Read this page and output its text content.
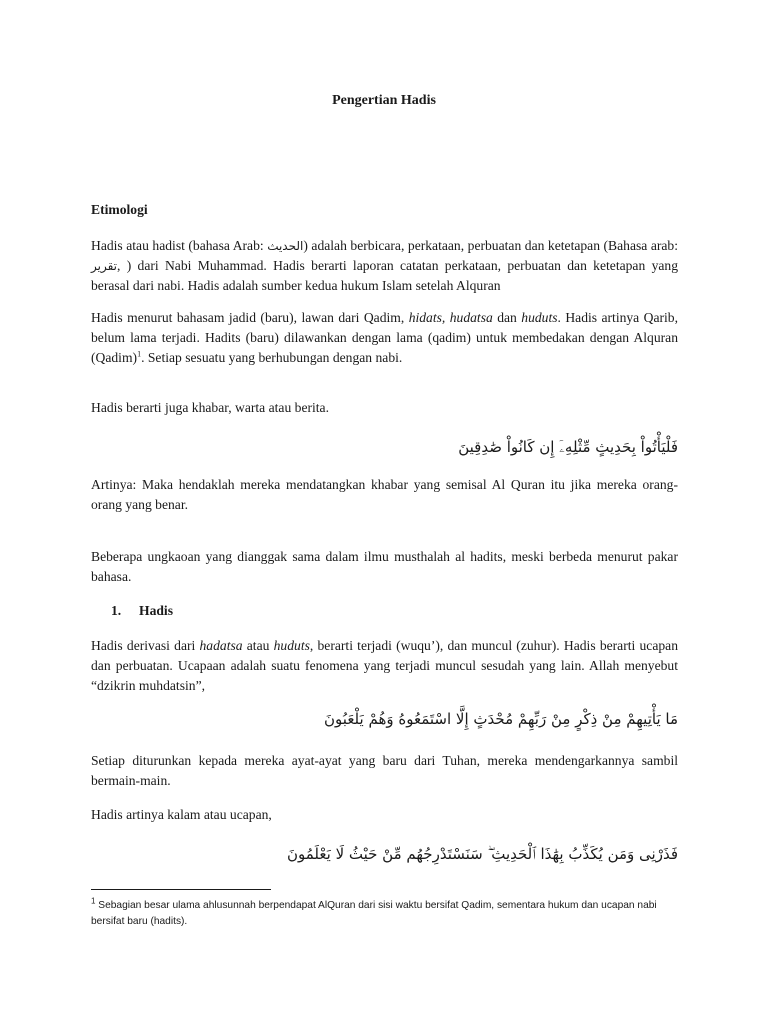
Pengertian Hadis

Etimologi

Hadis atau hadist (bahasa Arab: الحديث) adalah berbicara, perkataan, perbuatan dan ketetapan (Bahasa arab: تقرير, ) dari Nabi Muhammad. Hadis berarti laporan catatan perkataan, perbuatan dan ketetapan yang berasal dari nabi. Hadis adalah sumber kedua hukum Islam setelah Alquran

Hadis menurut bahasam jadid (baru), lawan dari Qadim, hidats, hudatsa dan huduts. Hadis artinya Qarib, belum lama terjadi. Hadits (baru) dilawankan dengan lama (qadim) untuk membedakan dengan Alquran (Qadim)$^1$. Setiap sesuatu yang berhubungan dengan nabi.

Hadis berarti juga khabar, warta atau berita.

فَلْيَأْتُواْ بِحَدِيثٍ مِّثْلِهِۦٓ إِن كَانُواْ صَٰدِقِينَ

Artinya: Maka hendaklah mereka mendatangkan khabar yang semisal Al Quran itu jika mereka orang-orang yang benar.

Beberapa ungkaoan yang dianggak sama dalam ilmu musthalah al hadits, meski berbeda menurut pakar bahasa.

1. Hadis

Hadis derivasi dari hadatsa atau huduts, berarti terjadi (wuqu’), dan muncul (zuhur). Hadis berarti ucapan dan perbuatan. Ucapaan adalah suatu fenomena yang terjadi muncul sesudah yang lain. Allah menyebut “dzikrin muhdatsin”,

مَا يَأْتِيهِمْ مِنْ ذِكْرٍ مِنْ رَبِّهِمْ مُحْدَثٍ إِلَّا اسْتَمَعُوهُ وَهُمْ يَلْعَبُونَ

Setiap diturunkan kepada mereka ayat-ayat yang baru dari Tuhan, mereka mendengarkannya sambil bermain-main.

Hadis artinya kalam atau ucapan,

فَذَرْنِى وَمَن يُكَذِّبُ بِهَٰذَا ٱلْحَدِيثِ ۖ سَنَسْتَدْرِجُهُم مِّنْ حَيْثُ لَا يَعْلَمُونَ

$^1$ Sebagian besar ulama ahlusunnah berpendapat AlQuran dari sisi waktu bersifat Qadim, sementara hukum dan ucapan nabi bersifat baru (hadits).
